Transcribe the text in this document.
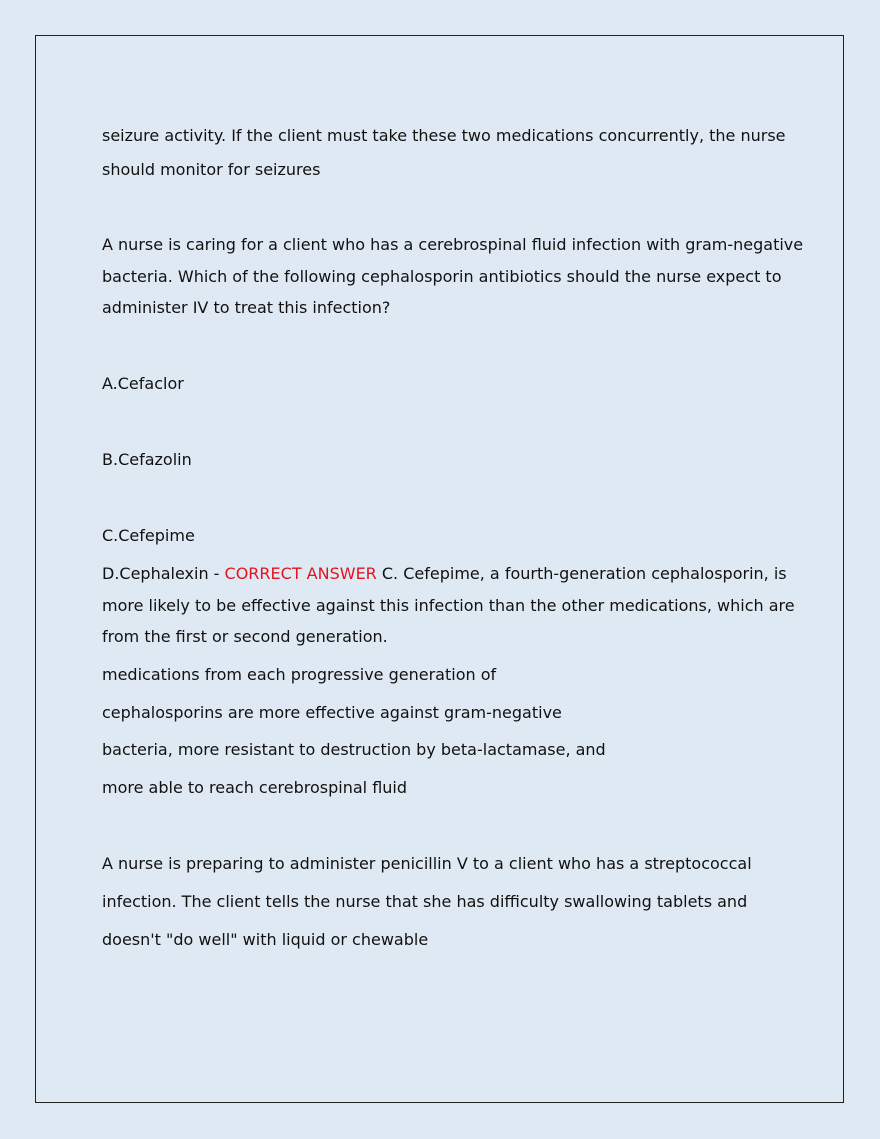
seizure activity. If the client must take these two medications concurrently, the nurse
should monitor for seizures
A nurse is caring for a client who has a cerebrospinal fluid infection with gram-negative
bacteria. Which of the following cephalosporin antibiotics should the nurse expect to
administer IV to treat this infection?
A.Cefaclor
B.Cefazolin
C.Cefepime
D.Cephalexin - CORRECT ANSWER C. Cefepime, a fourth-generation cephalosporin, is
more likely to be effective against this infection than the other medications, which are
from the first or second generation.
medications from each progressive generation of
cephalosporins are more effective against gram-negative
bacteria, more resistant to destruction by beta-lactamase, and
more able to reach cerebrospinal fluid
A nurse is preparing to administer penicillin V to a client who has a streptococcal
infection. The client tells the nurse that she has difficulty swallowing tablets and
doesn't "do well" with liquid or chewable
